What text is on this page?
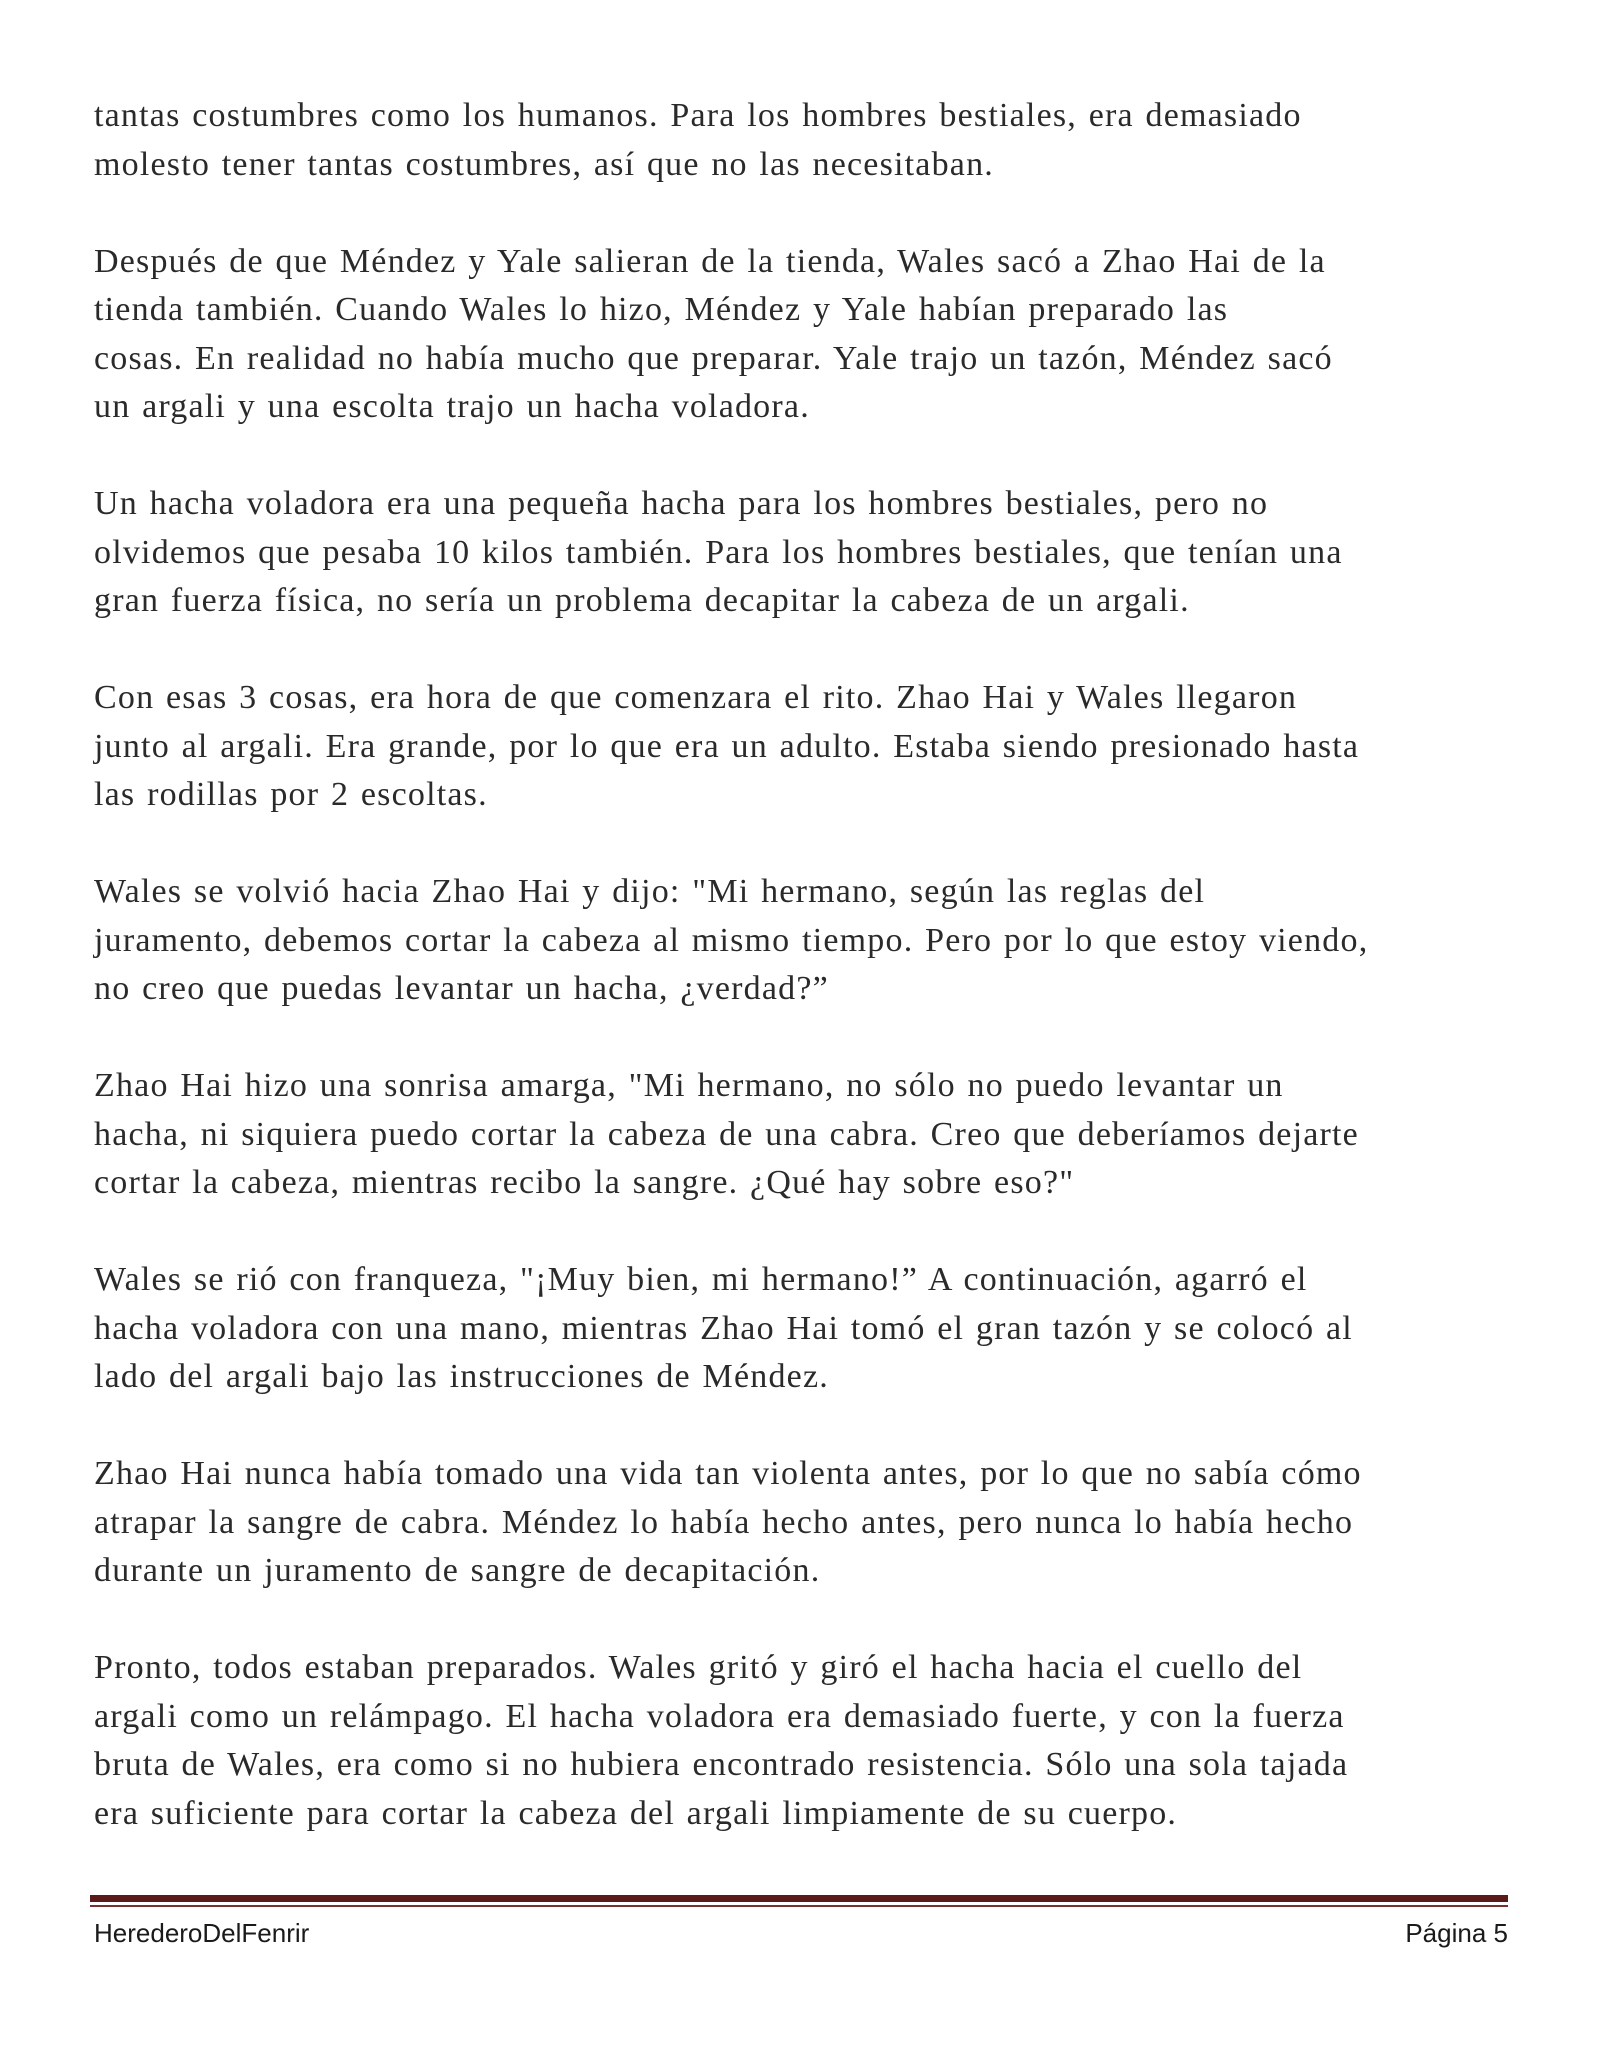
tantas costumbres como los humanos. Para los hombres bestiales, era demasiado
molesto tener tantas costumbres, así que no las necesitaban.

Después de que Méndez y Yale salieran de la tienda, Wales sacó a Zhao Hai de la
tienda también. Cuando Wales lo hizo, Méndez y Yale habían preparado las
cosas. En realidad no había mucho que preparar. Yale trajo un tazón, Méndez sacó
un argali y una escolta trajo un hacha voladora.

Un hacha voladora era una pequeña hacha para los hombres bestiales, pero no
olvidemos que pesaba 10 kilos también. Para los hombres bestiales, que tenían una
gran fuerza física, no sería un problema decapitar la cabeza de un argali.

Con esas 3 cosas, era hora de que comenzara el rito. Zhao Hai y Wales llegaron
junto al argali. Era grande, por lo que era un adulto. Estaba siendo presionado hasta
las rodillas por 2 escoltas.

Wales se volvió hacia Zhao Hai y dijo: "Mi hermano, según las reglas del
juramento, debemos cortar la cabeza al mismo tiempo. Pero por lo que estoy viendo,
no creo que puedas levantar un hacha, ¿verdad?”

Zhao Hai hizo una sonrisa amarga, "Mi hermano, no sólo no puedo levantar un
hacha, ni siquiera puedo cortar la cabeza de una cabra. Creo que deberíamos dejarte
cortar la cabeza, mientras recibo la sangre. ¿Qué hay sobre eso?"

Wales se rió con franqueza, "¡Muy bien, mi hermano!” A continuación, agarró el
hacha voladora con una mano, mientras Zhao Hai tomó el gran tazón y se colocó al
lado del argali bajo las instrucciones de Méndez.

Zhao Hai nunca había tomado una vida tan violenta antes, por lo que no sabía cómo
atrapar la sangre de cabra. Méndez lo había hecho antes, pero nunca lo había hecho
durante un juramento de sangre de decapitación.

Pronto, todos estaban preparados. Wales gritó y giró el hacha hacia el cuello del
argali como un relámpago. El hacha voladora era demasiado fuerte, y con la fuerza
bruta de Wales, era como si no hubiera encontrado resistencia. Sólo una sola tajada
era suficiente para cortar la cabeza del argali limpiamente de su cuerpo.

HerederoDelFenrir	Página 5
